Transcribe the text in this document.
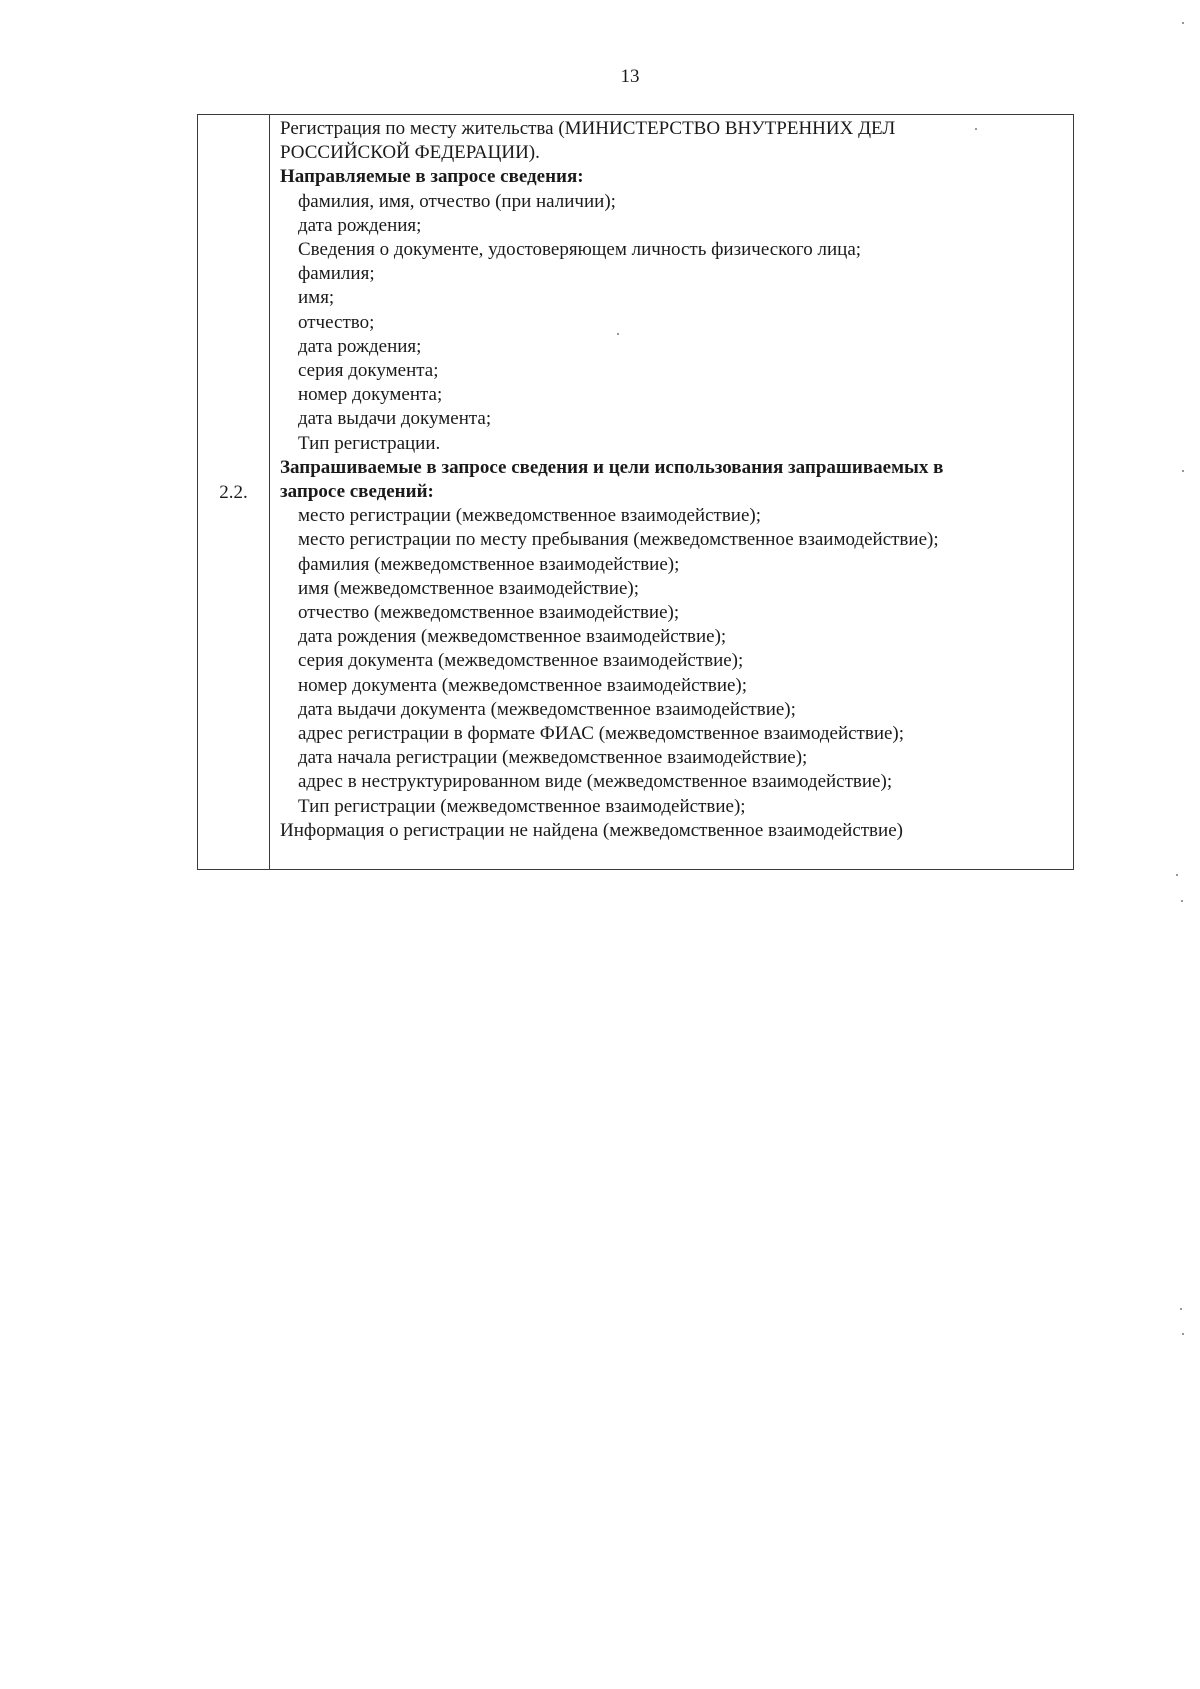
13
2.2.
Регистрация по месту жительства (МИНИСТЕРСТВО ВНУТРЕННИХ ДЕЛ
РОССИЙСКОЙ ФЕДЕРАЦИИ).
Направляемые в запросе сведения:
фамилия, имя, отчество (при наличии);
дата рождения;
Сведения о документе, удостоверяющем личность физического лица;
фамилия;
имя;
отчество;
дата рождения;
серия документа;
номер документа;
дата выдачи документа;
Тип регистрации.
Запрашиваемые в запросе сведения и цели использования запрашиваемых в
запросе сведений:
место регистрации (межведомственное взаимодействие);
место регистрации по месту пребывания (межведомственное взаимодействие);
фамилия (межведомственное взаимодействие);
имя (межведомственное взаимодействие);
отчество (межведомственное взаимодействие);
дата рождения (межведомственное взаимодействие);
серия документа (межведомственное взаимодействие);
номер документа (межведомственное взаимодействие);
дата выдачи документа (межведомственное взаимодействие);
адрес регистрации в формате ФИАС (межведомственное взаимодействие);
дата начала регистрации (межведомственное взаимодействие);
адрес в неструктурированном виде (межведомственное взаимодействие);
Тип регистрации (межведомственное взаимодействие);
Информация о регистрации не найдена (межведомственное взаимодействие)
